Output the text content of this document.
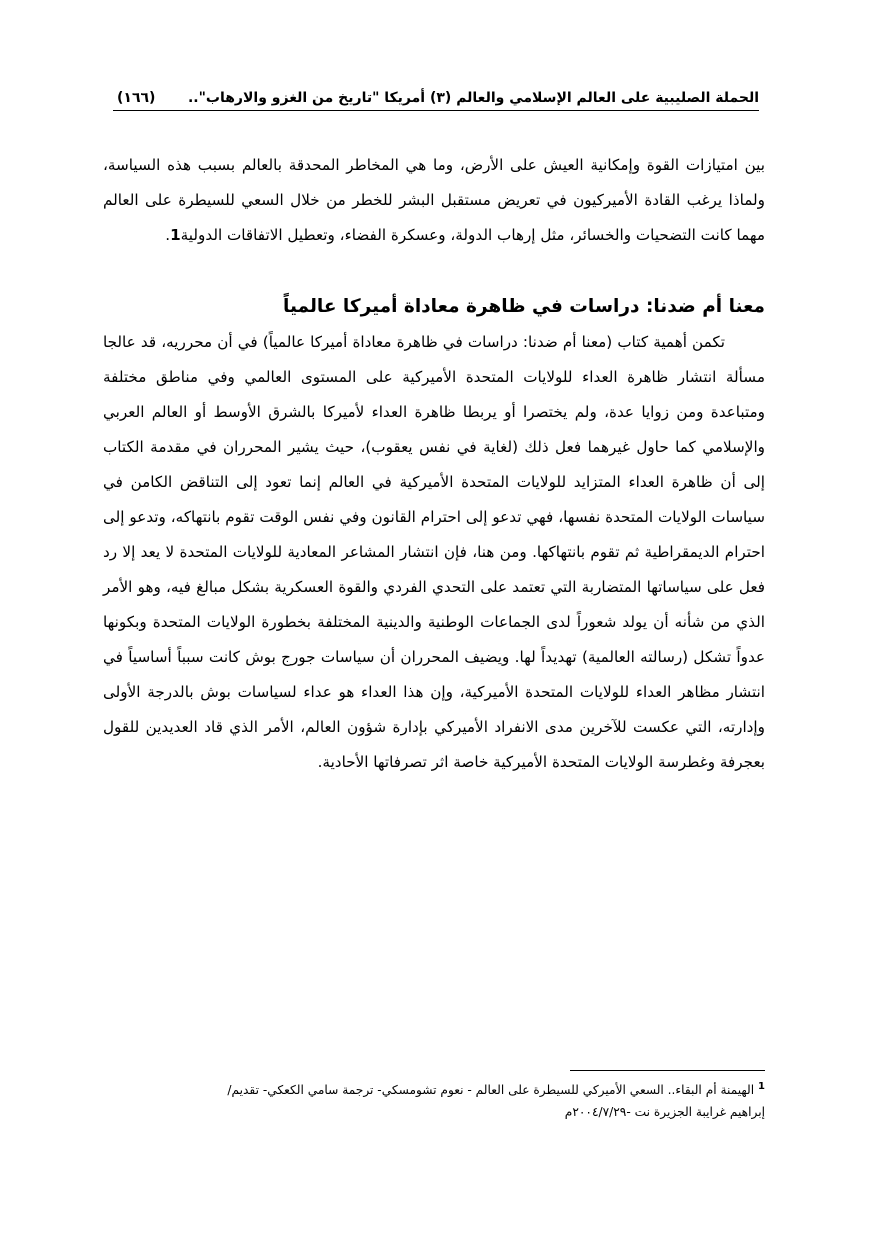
الحملة الصليبية على العالم الإسلامي والعالم (٣) أمريكا "تاريخ من الغزو والارهاب"..
(١٦٦)

بين امتيازات القوة وإمكانية العيش على الأرض، وما هي المخاطر المحدقة بالعالم بسبب هذه السياسة، ولماذا يرغب القادة الأميركيون في تعريض مستقبل البشر للخطر من خلال السعي للسيطرة على العالم مهما كانت التضحيات والخسائر، مثل إرهاب الدولة، وعسكرة الفضاء، وتعطيل الاتفاقات الدولية1.

معنا أم ضدنا: دراسات في ظاهرة معاداة أميركا عالمياً

تكمن أهمية كتاب (معنا أم ضدنا: دراسات في ظاهرة معاداة أميركا عالمياً) في أن محرريه، قد عالجا مسألة انتشار ظاهرة العداء للولايات المتحدة الأميركية على المستوى العالمي وفي مناطق مختلفة ومتباعدة ومن زوايا عدة، ولم يختصرا أو يربطا ظاهرة العداء لأميركا بالشرق الأوسط أو العالم العربي والإسلامي كما حاول غيرهما فعل ذلك (لغاية في نفس يعقوب)، حيث يشير المحرران في مقدمة الكتاب إلى أن ظاهرة العداء المتزايد للولايات المتحدة الأميركية في العالم إنما تعود إلى التناقض الكامن في سياسات الولايات المتحدة نفسها، فهي تدعو إلى احترام القانون وفي نفس الوقت تقوم بانتهاكه، وتدعو إلى احترام الديمقراطية ثم تقوم بانتهاكها. ومن هنا، فإن انتشار المشاعر المعادية للولايات المتحدة لا يعد إلا رد فعل على سياساتها المتضاربة التي تعتمد على التحدي الفردي والقوة العسكرية بشكل مبالغ فيه، وهو الأمر الذي من شأنه أن يولد شعوراً لدى الجماعات الوطنية والدينية المختلفة بخطورة الولايات المتحدة وبكونها عدواً تشكل (رسالته العالمية) تهديداً لها. ويضيف المحرران أن سياسات جورج بوش كانت سبباً أساسياً في انتشار مظاهر العداء للولايات المتحدة الأميركية، وإن هذا العداء هو عداء لسياسات بوش بالدرجة الأولى وإدارته، التي عكست للآخرين مدى الانفراد الأميركي بإدارة شؤون العالم، الأمر الذي قاد العديدين للقول بعجرفة وغطرسة الولايات المتحدة الأميركية خاصة اثر تصرفاتها الأحادية.

$^1$ الهيمنة أم البقاء.. السعي الأميركي للسيطرة على العالم - نعوم تشومسكي- ترجمة سامي الكعكي- تقديم/

إبراهيم غرايبة الجزيرة نت -٢٠٠٤/٧/٢٩م
